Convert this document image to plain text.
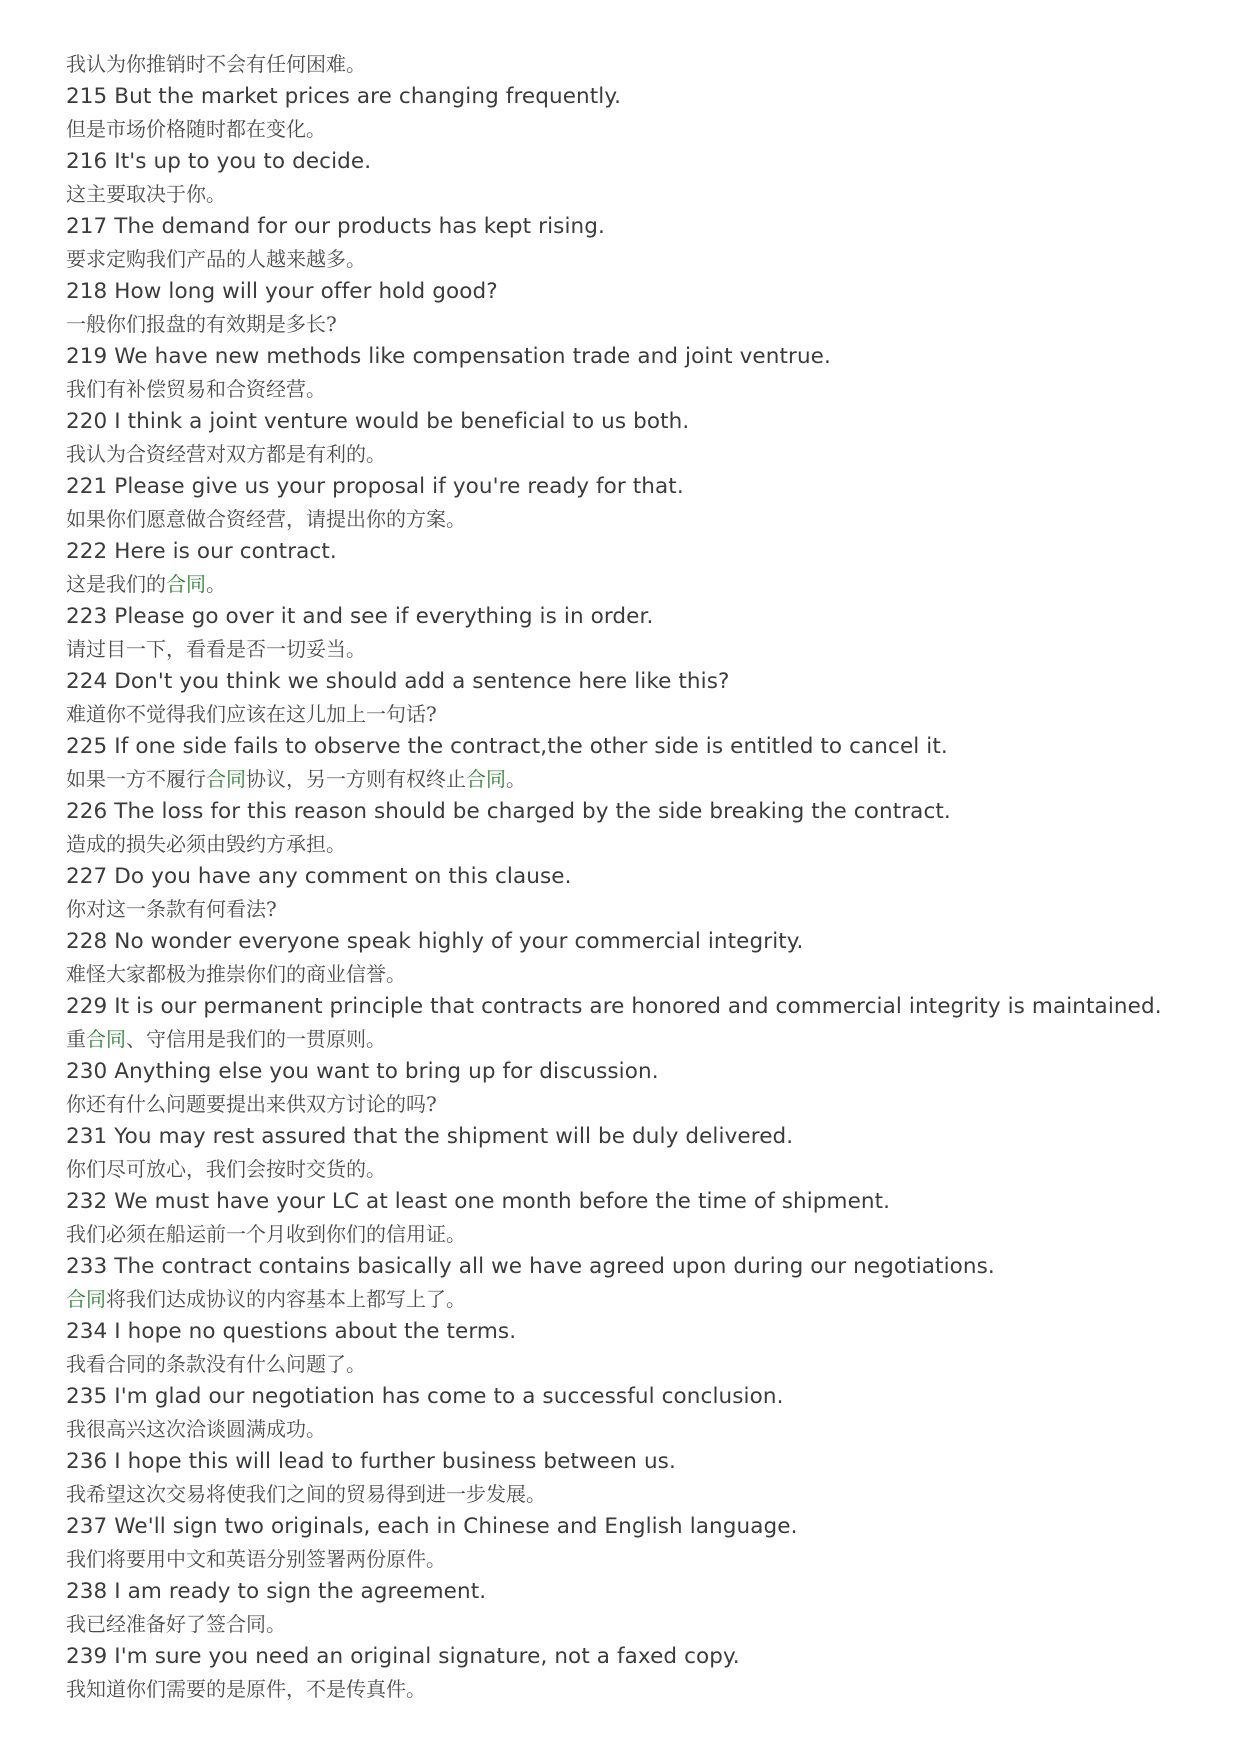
我认为你推销时不会有任何困难。

215 But the market prices are changing frequently.

但是市场价格随时都在变化。

216 It's up to you to decide.

这主要取决于你。

217 The demand for our products has kept rising.

要求定购我们产品的人越来越多。

218 How long will your offer hold good?

一般你们报盘的有效期是多长?

219 We have new methods like compensation trade and joint ventrue.

我们有补偿贸易和合资经营。

220 I think a joint venture would be beneficial to us both.

我认为合资经营对双方都是有利的。

221 Please give us your proposal if you're ready for that.

如果你们愿意做合资经营，请提出你的方案。

222 Here is our contract.

这是我们的合同。

223 Please go over it and see if everything is in order.

请过目一下，看看是否一切妥当。

224 Don't you think we should add a sentence here like this?

难道你不觉得我们应该在这儿加上一句话?

225 If one side fails to observe the contract,the other side is entitled to cancel it.

如果一方不履行合同协议，另一方则有权终止合同。

226 The loss for this reason should be charged by the side breaking the contract.

造成的损失必须由毁约方承担。

227 Do you have any comment on this clause.

你对这一条款有何看法?

228 No wonder everyone speak highly of your commercial integrity.

难怪大家都极为推崇你们的商业信誉。

229 It is our permanent principle that contracts are honored and commercial integrity is maintained.

重合同、守信用是我们的一贯原则。

230 Anything else you want to bring up for discussion.

你还有什么问题要提出来供双方讨论的吗?

231 You may rest assured that the shipment will be duly delivered.

你们尽可放心，我们会按时交货的。

232 We must have your LC at least one month before the time of shipment.

我们必须在船运前一个月收到你们的信用证。

233 The contract contains basically all we have agreed upon during our negotiations.

合同将我们达成协议的内容基本上都写上了。

234 I hope no questions about the terms.

我看合同的条款没有什么问题了。

235 I'm glad our negotiation has come to a successful conclusion.

我很高兴这次洽谈圆满成功。

236 I hope this will lead to further business between us.

我希望这次交易将使我们之间的贸易得到进一步发展。

237 We'll sign two originals, each in Chinese and English language.

我们将要用中文和英语分别签署两份原件。

238 I am ready to sign the agreement.

我已经准备好了签合同。

239 I'm sure you need an original signature, not a faxed copy.

我知道你们需要的是原件，不是传真件。
